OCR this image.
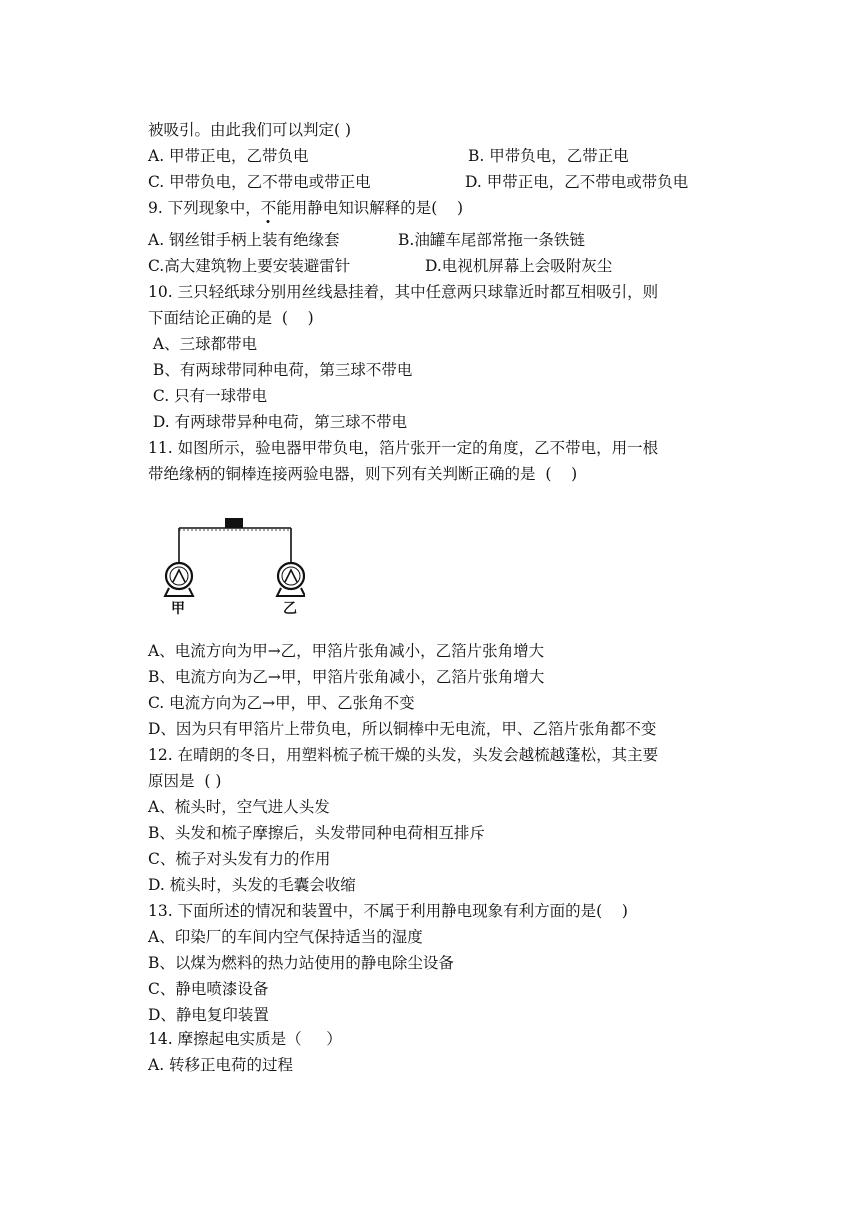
被吸引。由此我们可以判定( )
A. 甲带正电，乙带负电	B. 甲带负电，乙带正电
C. 甲带负电，乙不带电或带正电	D. 甲带正电，乙不带电或带负电
9. 下列现象中，不能用静电知识解释的是(    )
A. 钢丝钳手柄上装有绝缘套	B.油罐车尾部常拖一条铁链
C.高大建筑物上要安装避雷针	D.电视机屏幕上会吸附灰尘
10. 三只轻纸球分别用丝线悬挂着，其中任意两只球靠近时都互相吸引，则
下面结论正确的是  (    )
A、三球都带电
B、有两球带同种电荷，第三球不带电
C. 只有一球带电
D. 有两球带异种电荷，第三球不带电
11. 如图所示，验电器甲带负电，箔片张开一定的角度，乙不带电，用一根
带绝缘柄的铜棒连接两验电器，则下列有关判断正确的是  (    )
甲	乙
A、电流方向为甲→乙，甲箔片张角减小，乙箔片张角增大
B、电流方向为乙→甲，甲箔片张角减小，乙箔片张角增大
C. 电流方向为乙→甲，甲、乙张角不变
D、因为只有甲箔片上带负电，所以铜棒中无电流，甲、乙箔片张角都不变
12. 在晴朗的冬日，用塑料梳子梳干燥的头发，头发会越梳越蓬松，其主要
原因是  ( )
A、梳头时，空气进人头发
B、头发和梳子摩擦后，头发带同种电荷相互排斥
C、梳子对头发有力的作用
D. 梳头时，头发的毛囊会收缩
13. 下面所述的情况和装置中，不属于利用静电现象有利方面的是(    )
A、印染厂的车间内空气保持适当的湿度
B、以煤为燃料的热力站使用的静电除尘设备
C、静电喷漆设备
D、静电复印装置
14. 摩擦起电实质是（     ）
A. 转移正电荷的过程
